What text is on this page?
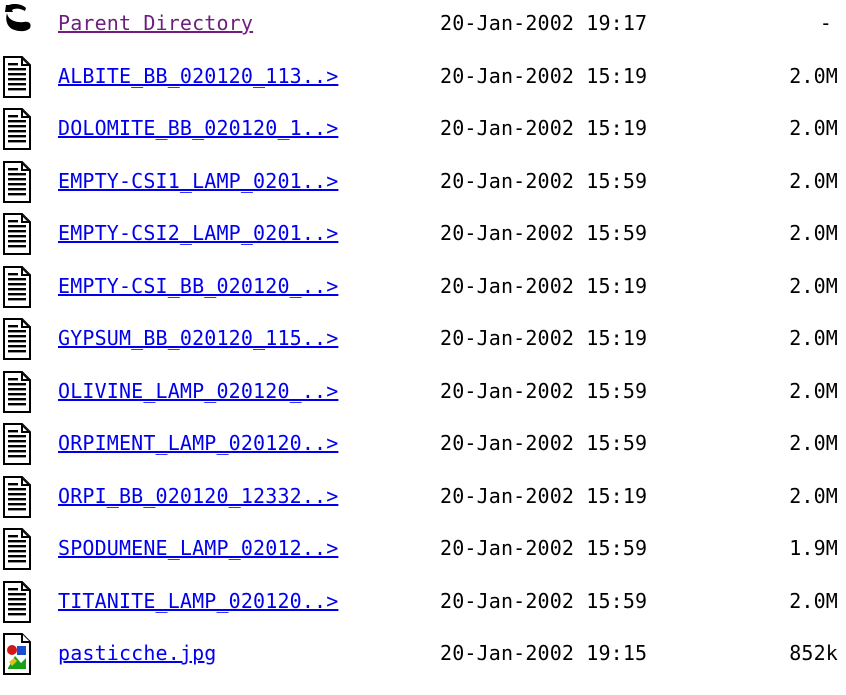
Parent Directory	20-Jan-2002 19:17	-
ALBITE_BB_020120_113..>	20-Jan-2002 15:19	2.0M
DOLOMITE_BB_020120_1..>	20-Jan-2002 15:19	2.0M
EMPTY-CSI1_LAMP_0201..>	20-Jan-2002 15:59	2.0M
EMPTY-CSI2_LAMP_0201..>	20-Jan-2002 15:59	2.0M
EMPTY-CSI_BB_020120_..>	20-Jan-2002 15:19	2.0M
GYPSUM_BB_020120_115..>	20-Jan-2002 15:19	2.0M
OLIVINE_LAMP_020120_..>	20-Jan-2002 15:59	2.0M
ORPIMENT_LAMP_020120..>	20-Jan-2002 15:59	2.0M
ORPI_BB_020120_12332..>	20-Jan-2002 15:19	2.0M
SPODUMENE_LAMP_02012..>	20-Jan-2002 15:59	1.9M
TITANITE_LAMP_020120..>	20-Jan-2002 15:59	2.0M
pasticche.jpg	20-Jan-2002 19:15	852k
